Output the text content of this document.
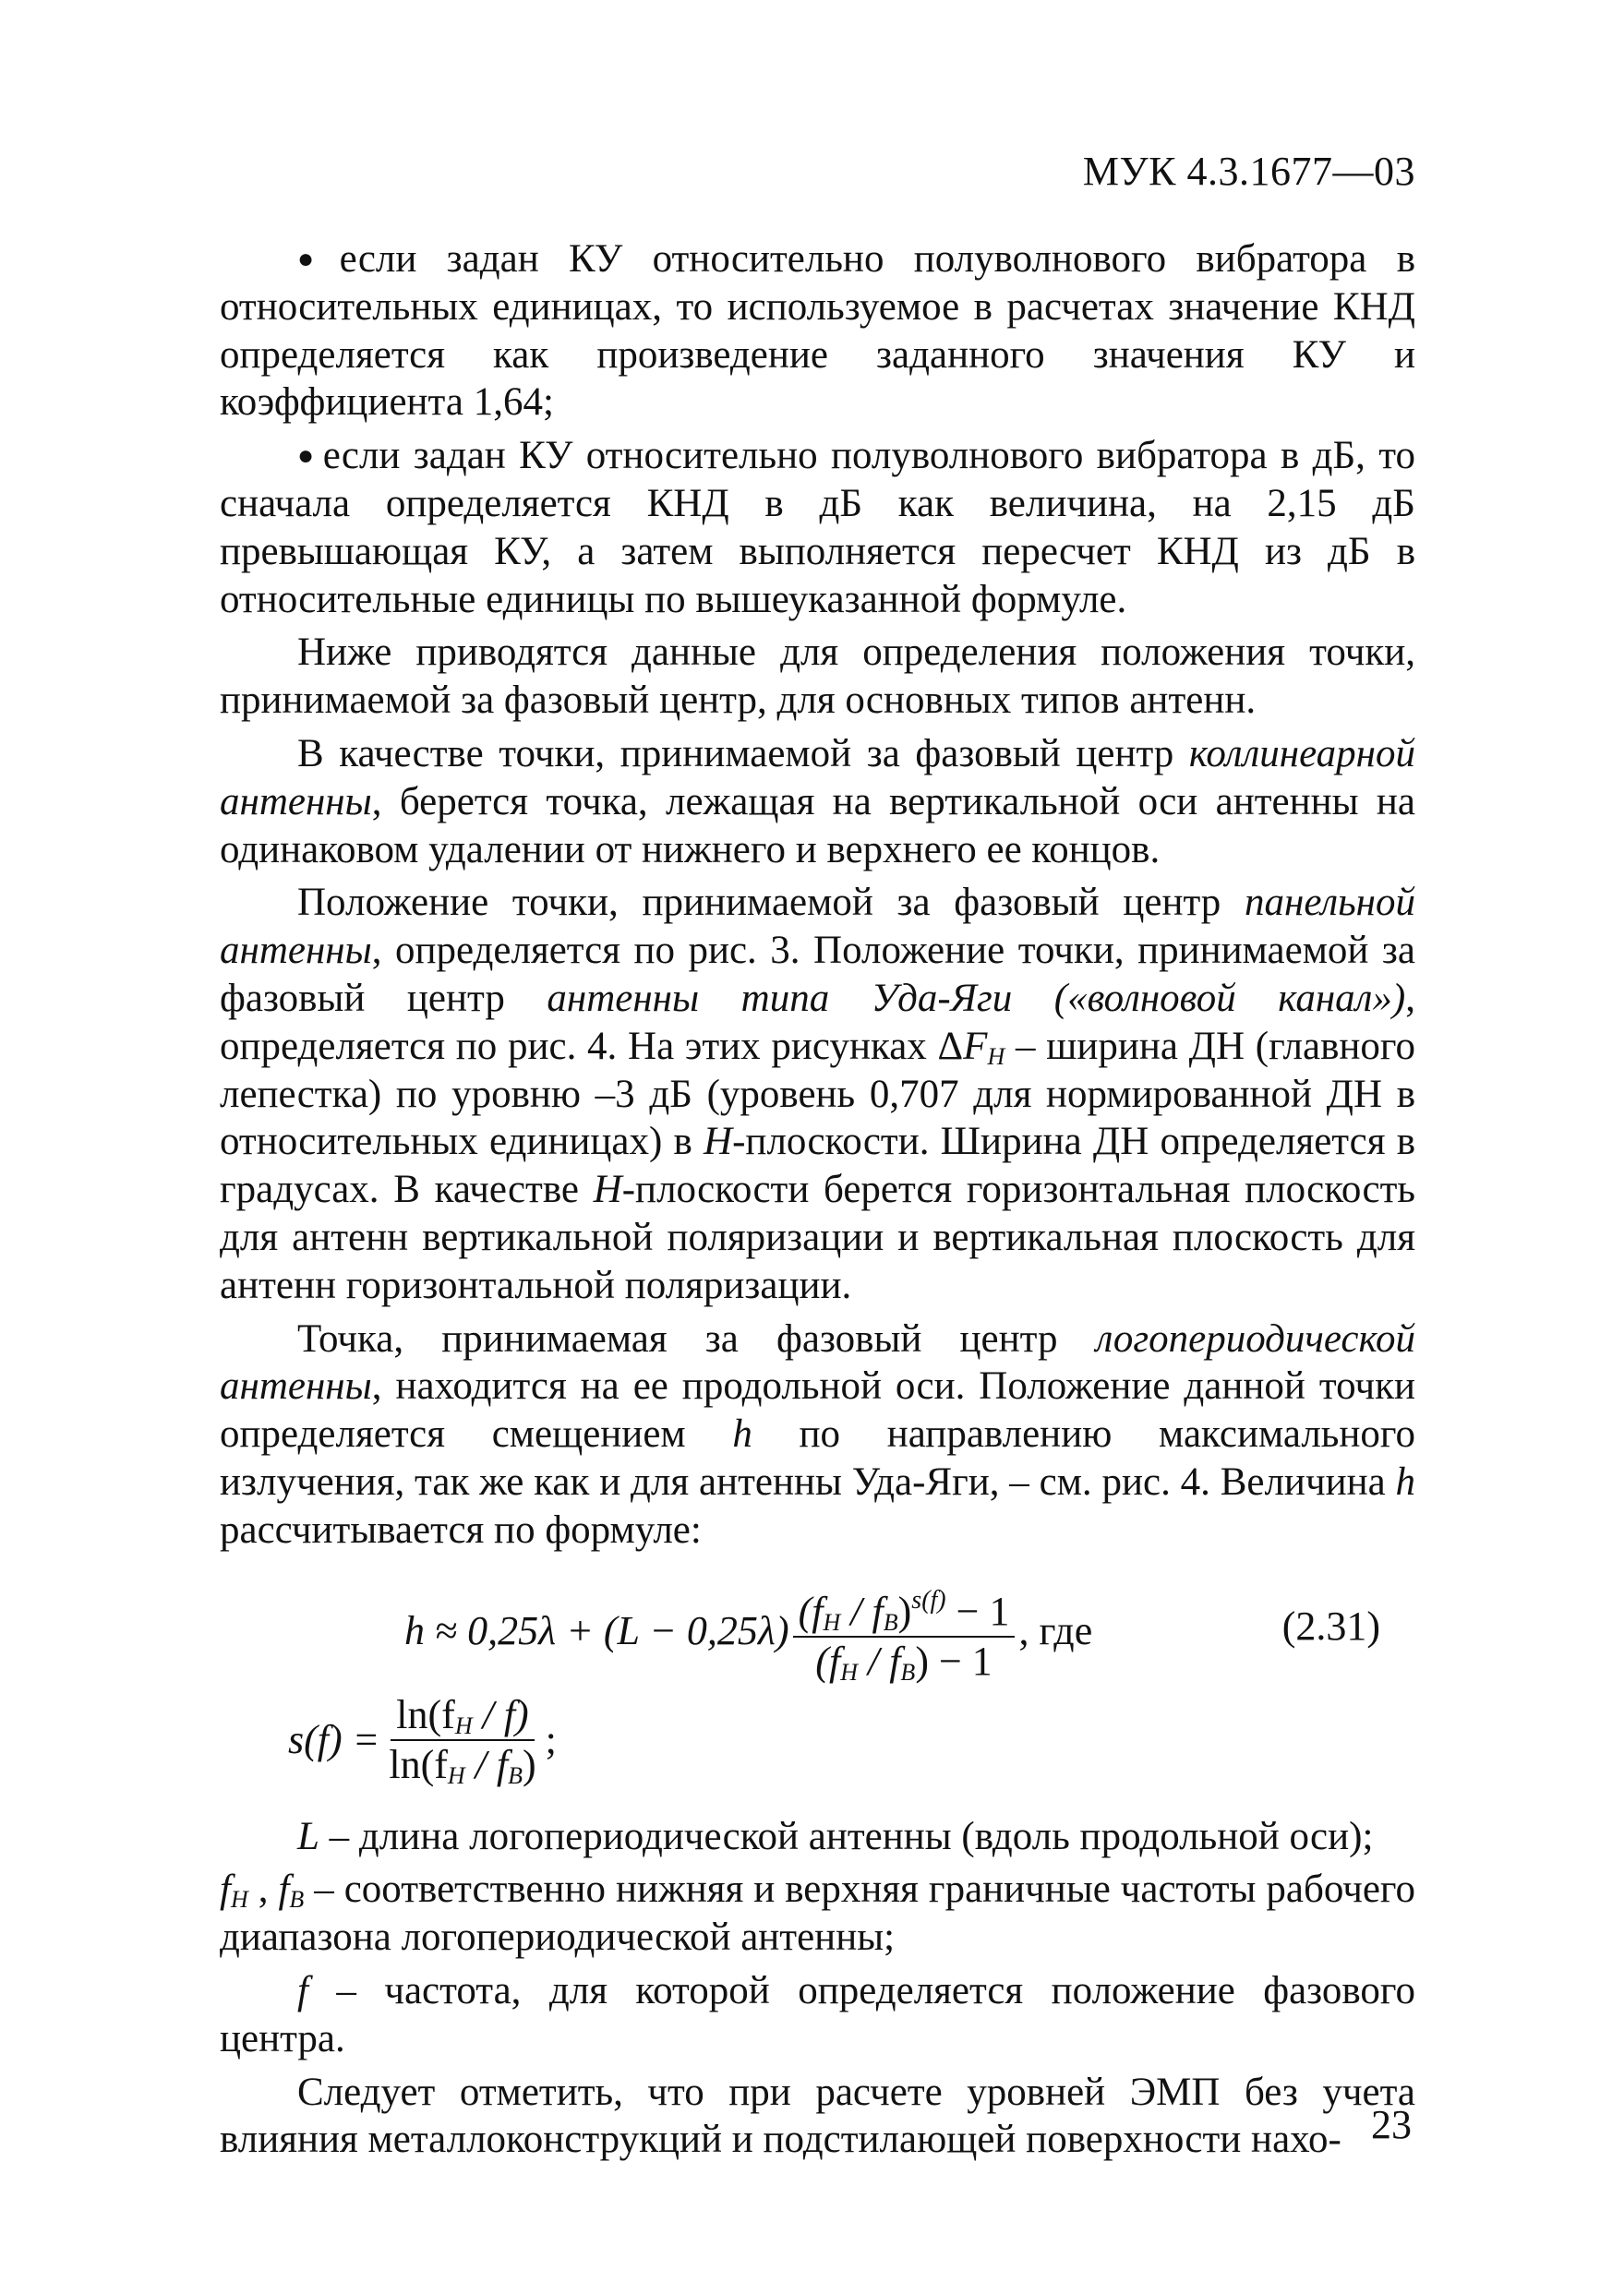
МУК 4.3.1677—03

● если задан КУ относительно полуволнового вибратора в относительных единицах, то используемое в расчетах значение КНД определяется как произведение заданного значения КУ и коэффициента 1,64;

● если задан КУ относительно полуволнового вибратора в дБ, то сначала определяется КНД в дБ как величина, на 2,15 дБ превышающая КУ, а затем выполняется пересчет КНД из дБ в относительные единицы по вышеуказанной формуле.

Ниже приводятся данные для определения положения точки, принимаемой за фазовый центр, для основных типов антенн.

В качестве точки, принимаемой за фазовый центр коллинеарной антенны, берется точка, лежащая на вертикальной оси антенны на одинаковом удалении от нижнего и верхнего ее концов.

Положение точки, принимаемой за фазовый центр панельной антенны, определяется по рис. 3. Положение точки, принимаемой за фазовый центр антенны типа Уда-Яги («волновой канал»), определяется по рис. 4. На этих рисунках $\Delta F_H$ – ширина ДН (главного лепестка) по уровню –3 дБ (уровень 0,707 для нормированной ДН в относительных единицах) в H-плоскости. Ширина ДН определяется в градусах. В качестве H-плоскости берется горизонтальная плоскость для антенн вертикальной поляризации и вертикальная плоскость для антенн горизонтальной поляризации.

Точка, принимаемая за фазовый центр логопериодической антенны, находится на ее продольной оси. Положение данной точки определяется смещением h по направлению максимального излучения, так же как и для антенны Уда-Яги, – см. рис. 4. Величина h рассчитывается по формуле:

$h \approx 0,25\lambda + (L - 0,25\lambda) \frac{(f_H / f_B)^{s(f)} - 1}{(f_H / f_B) - 1}$ , где	(2.31)
$s(f) = \frac{\ln(f_H / f)}{\ln(f_H / f_B)}$ ;

L – длина логопериодической антенны (вдоль продольной оси);

$f_H$ , $f_B$ – соответственно нижняя и верхняя граничные частоты рабочего диапазона логопериодической антенны;

f – частота, для которой определяется положение фазового центра.

Следует отметить, что при расчете уровней ЭМП без учета влияния металлоконструкций и подстилающей поверхности нахо- 23
